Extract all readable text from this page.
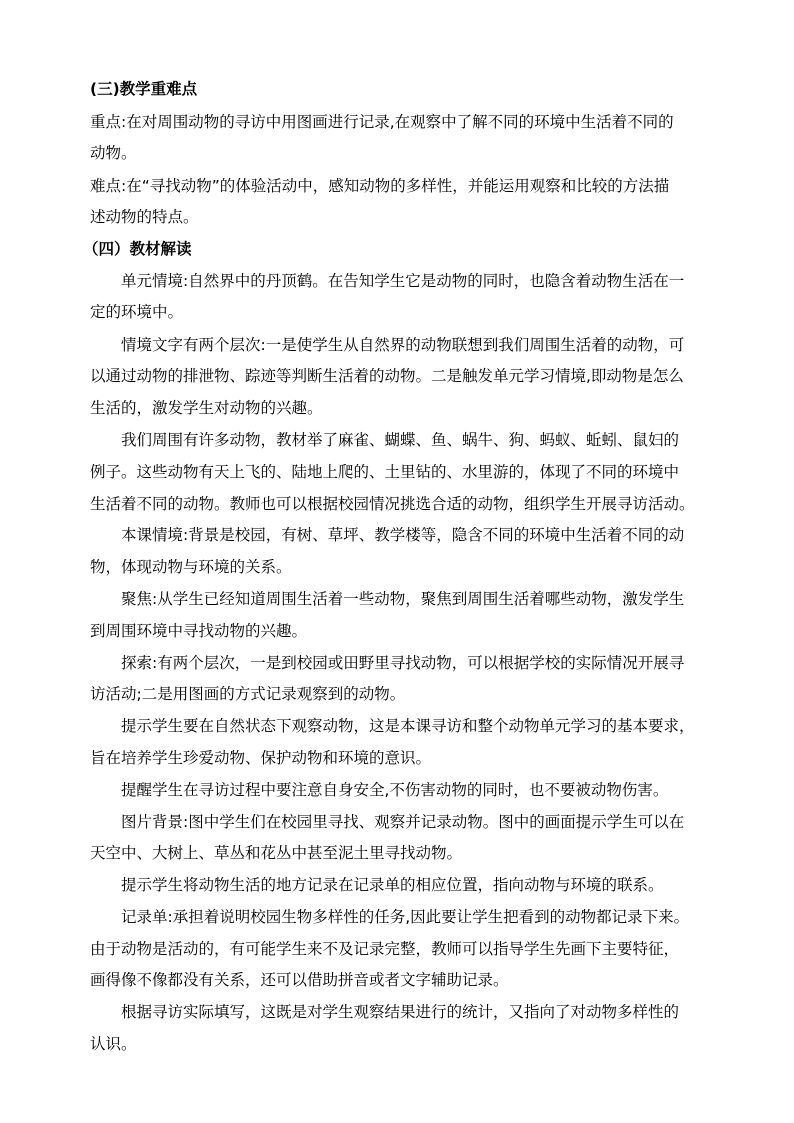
(三)教学重难点
重点:在对周围动物的寻访中用图画进行记录,在观察中了解不同的环境中生活着不同的
动物。
难点:在“寻找动物”的体验活动中，感知动物的多样性，并能运用观察和比较的方法描
述动物的特点。
（四）教材解读
单元情境:自然界中的丹顶鹤。在告知学生它是动物的同时，也隐含着动物生活在一
定的环境中。
情境文字有两个层次:一是使学生从自然界的动物联想到我们周围生活着的动物，可
以通过动物的排泄物、踪迹等判断生活着的动物。二是触发单元学习情境,即动物是怎么
生活的，激发学生对动物的兴趣。
我们周围有许多动物，教材举了麻雀、蝴蝶、鱼、蜗牛、狗、蚂蚁、蚯蚓、鼠妇的
例子。这些动物有天上飞的、陆地上爬的、土里钻的、水里游的，体现了不同的环境中
生活着不同的动物。教师也可以根据校园情况挑选合适的动物，组织学生开展寻访活动。
本课情境:背景是校园，有树、草坪、教学楼等，隐含不同的环境中生活着不同的动
物，体现动物与环境的关系。
聚焦:从学生已经知道周围生活着一些动物，聚焦到周围生活着哪些动物，激发学生
到周围环境中寻找动物的兴趣。
探索:有两个层次，一是到校园或田野里寻找动物，可以根据学校的实际情况开展寻
访活动;二是用图画的方式记录观察到的动物。
提示学生要在自然状态下观察动物，这是本课寻访和整个动物单元学习的基本要求，
旨在培养学生珍爱动物、保护动物和环境的意识。
提醒学生在寻访过程中要注意自身安全,不伤害动物的同时，也不要被动物伤害。
图片背景:图中学生们在校园里寻找、观察并记录动物。图中的画面提示学生可以在
天空中、大树上、草丛和花丛中甚至泥土里寻找动物。
提示学生将动物生活的地方记录在记录单的相应位置，指向动物与环境的联系。
记录单:承担着说明校园生物多样性的任务,因此要让学生把看到的动物都记录下来。
由于动物是活动的，有可能学生来不及记录完整，教师可以指导学生先画下主要特征，
画得像不像都没有关系，还可以借助拼音或者文字辅助记录。
根据寻访实际填写，这既是对学生观察结果进行的统计，又指向了对动物多样性的
认识。
